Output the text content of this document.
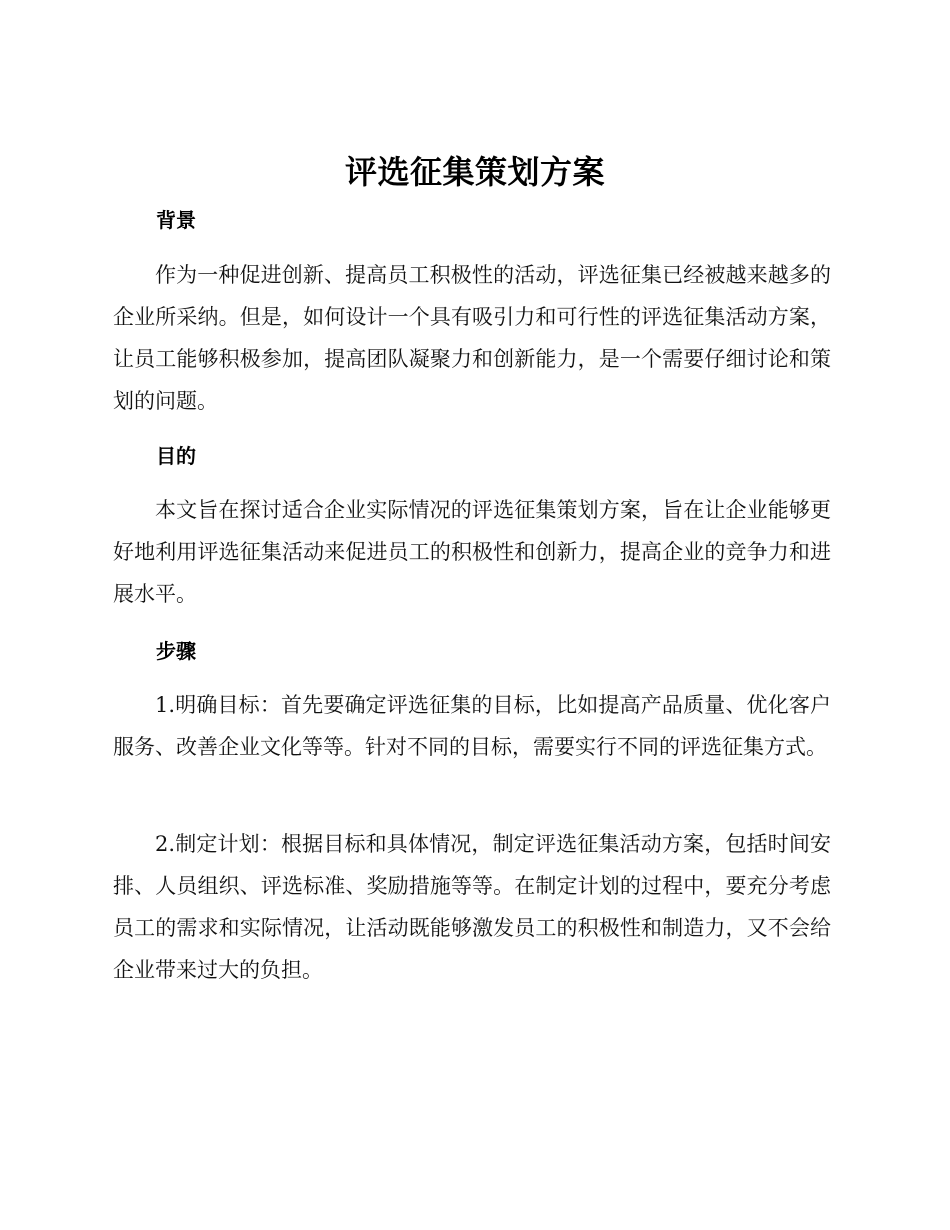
评选征集策划方案
背景
作为一种促进创新、提高员工积极性的活动，评选征集已经被越来越多的企业所采纳。但是，如何设计一个具有吸引力和可行性的评选征集活动方案，让员工能够积极参加，提高团队凝聚力和创新能力，是一个需要仔细讨论和策划的问题。
目的
本文旨在探讨适合企业实际情况的评选征集策划方案，旨在让企业能够更好地利用评选征集活动来促进员工的积极性和创新力，提高企业的竞争力和进展水平。
步骤
1.明确目标：首先要确定评选征集的目标，比如提高产品质量、优化客户服务、改善企业文化等等。针对不同的目标，需要实行不同的评选征集方式。
2.制定计划：根据目标和具体情况，制定评选征集活动方案，包括时间安排、人员组织、评选标准、奖励措施等等。在制定计划的过程中，要充分考虑员工的需求和实际情况，让活动既能够激发员工的积极性和制造力，又不会给企业带来过大的负担。
